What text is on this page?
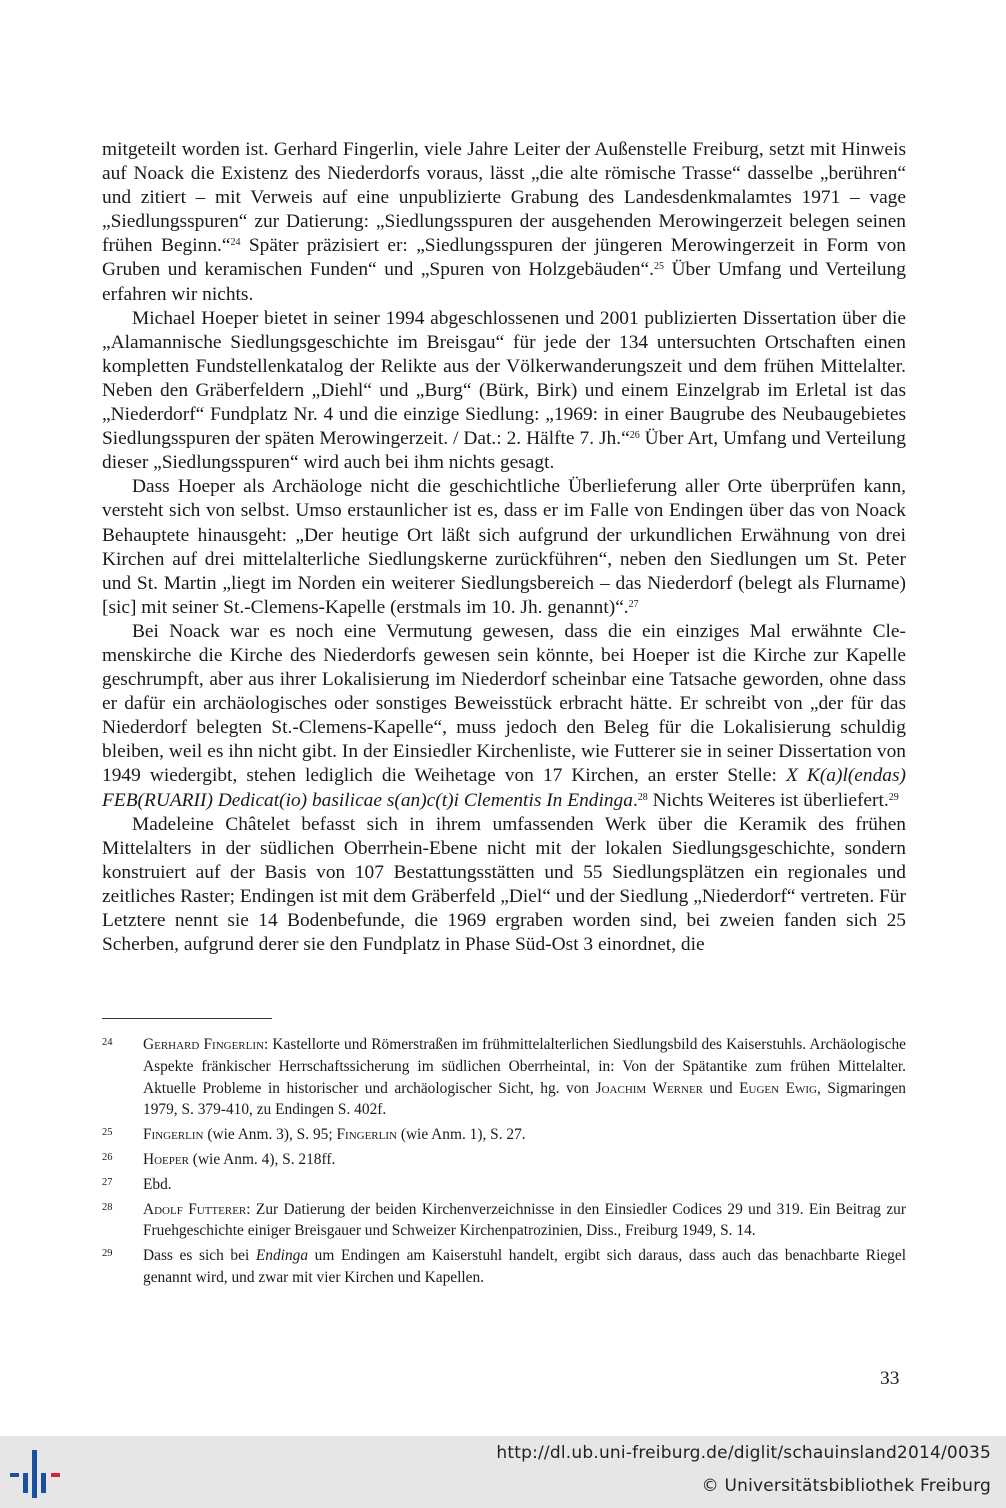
mitgeteilt worden ist. Gerhard Fingerlin, viele Jahre Leiter der Außenstelle Freiburg, setzt mit Hinweis auf Noack die Existenz des Niederdorfs voraus, lässt „die alte römische Trasse“ dasselbe „berühren“ und zitiert – mit Verweis auf eine unpublizierte Grabung des Landesdenkmalamtes 1971 – vage „Siedlungsspuren“ zur Datierung: „Siedlungsspuren der ausgehenden Merowingerzeit belegen seinen frühen Beginn.“$^{24}$ Später präzisiert er: „Siedlungsspuren der jüngeren Merowingerzeit in Form von Gruben und keramischen Funden“ und „Spuren von Holzgebäuden“.$^{25}$ Über Umfang und Verteilung erfahren wir nichts.

Michael Hoeper bietet in seiner 1994 abgeschlossenen und 2001 publizierten Dissertation über die „Alamannische Siedlungsgeschichte im Breisgau“ für jede der 134 untersuchten Ortschaften einen kompletten Fundstellenkatalog der Relikte aus der Völkerwanderungszeit und dem frühen Mittelalter. Neben den Gräberfeldern „Diehl“ und „Burg“ (Bürk, Birk) und einem Einzelgrab im Erletal ist das „Niederdorf“ Fundplatz Nr. 4 und die einzige Siedlung: „1969: in einer Baugrube des Neubaugebietes Siedlungsspuren der späten Merowingerzeit. / Dat.: 2. Hälfte 7. Jh.“$^{26}$ Über Art, Umfang und Verteilung dieser „Siedlungsspuren“ wird auch bei ihm nichts gesagt.

Dass Hoeper als Archäologe nicht die geschichtliche Überlieferung aller Orte überprüfen kann, versteht sich von selbst. Umso erstaunlicher ist es, dass er im Falle von Endingen über das von Noack Behauptete hinausgeht: „Der heutige Ort läßt sich aufgrund der urkundlichen Erwähnung von drei Kirchen auf drei mittelalterliche Siedlungskerne zurückführen“, neben den Siedlungen um St. Peter und St. Martin „liegt im Norden ein weiterer Siedlungsbereich – das Niederdorf (belegt als Flurname) [sic] mit seiner St.-Clemens-Kapelle (erstmals im 10. Jh. genannt)“.$^{27}$

Bei Noack war es noch eine Vermutung gewesen, dass die ein einziges Mal erwähnte Clemenskirche die Kirche des Niederdorfs gewesen sein könnte, bei Hoeper ist die Kirche zur Kapelle geschrumpft, aber aus ihrer Lokalisierung im Niederdorf scheinbar eine Tatsache geworden, ohne dass er dafür ein archäologisches oder sonstiges Beweisstück erbracht hätte. Er schreibt von „der für das Niederdorf belegten St.-Clemens-Kapelle“, muss jedoch den Beleg für die Lokalisierung schuldig bleiben, weil es ihn nicht gibt. In der Einsiedler Kirchenliste, wie Futterer sie in seiner Dissertation von 1949 wiedergibt, stehen lediglich die Weihetage von 17 Kirchen, an erster Stelle: X K(a)l(endas) FEB(RUARII) Dedicat(io) basilicae s(an)c(t)i Clementis In Endinga.$^{28}$ Nichts Weiteres ist überliefert.$^{29}$

Madeleine Châtelet befasst sich in ihrem umfassenden Werk über die Keramik des frühen Mittelalters in der südlichen Oberrhein-Ebene nicht mit der lokalen Siedlungsgeschichte, sondern konstruiert auf der Basis von 107 Bestattungsstätten und 55 Siedlungsplätzen ein regionales und zeitliches Raster; Endingen ist mit dem Gräberfeld „Diel“ und der Siedlung „Niederdorf“ vertreten. Für Letztere nennt sie 14 Bodenbefunde, die 1969 ergraben worden sind, bei zweien fanden sich 25 Scherben, aufgrund derer sie den Fundplatz in Phase Süd-Ost 3 einordnet, die

24 Gerhard Fingerlin: Kastellorte und Römerstraßen im frühmittelalterlichen Siedlungsbild des Kaiserstuhls. Archäologische Aspekte fränkischer Herrschaftssicherung im südlichen Oberrheintal, in: Von der Spätantike zum frühen Mittelalter. Aktuelle Probleme in historischer und archäologischer Sicht, hg. von Joachim Werner und Eugen Ewig, Sigmaringen 1979, S. 379-410, zu Endingen S. 402f.
25 Fingerlin (wie Anm. 3), S. 95; Fingerlin (wie Anm. 1), S. 27.
26 Hoeper (wie Anm. 4), S. 218ff.
27 Ebd.
28 Adolf Futterer: Zur Datierung der beiden Kirchenverzeichnisse in den Einsiedler Codices 29 und 319. Ein Beitrag zur Fruehgeschichte einiger Breisgauer und Schweizer Kirchenpatrozinien, Diss., Freiburg 1949, S. 14.
29 Dass es sich bei Endinga um Endingen am Kaiserstuhl handelt, ergibt sich daraus, dass auch das benachbarte Riegel genannt wird, und zwar mit vier Kirchen und Kapellen.
33
http://dl.ub.uni-freiburg.de/diglit/schauinsland2014/0035
© Universitätsbibliothek Freiburg
